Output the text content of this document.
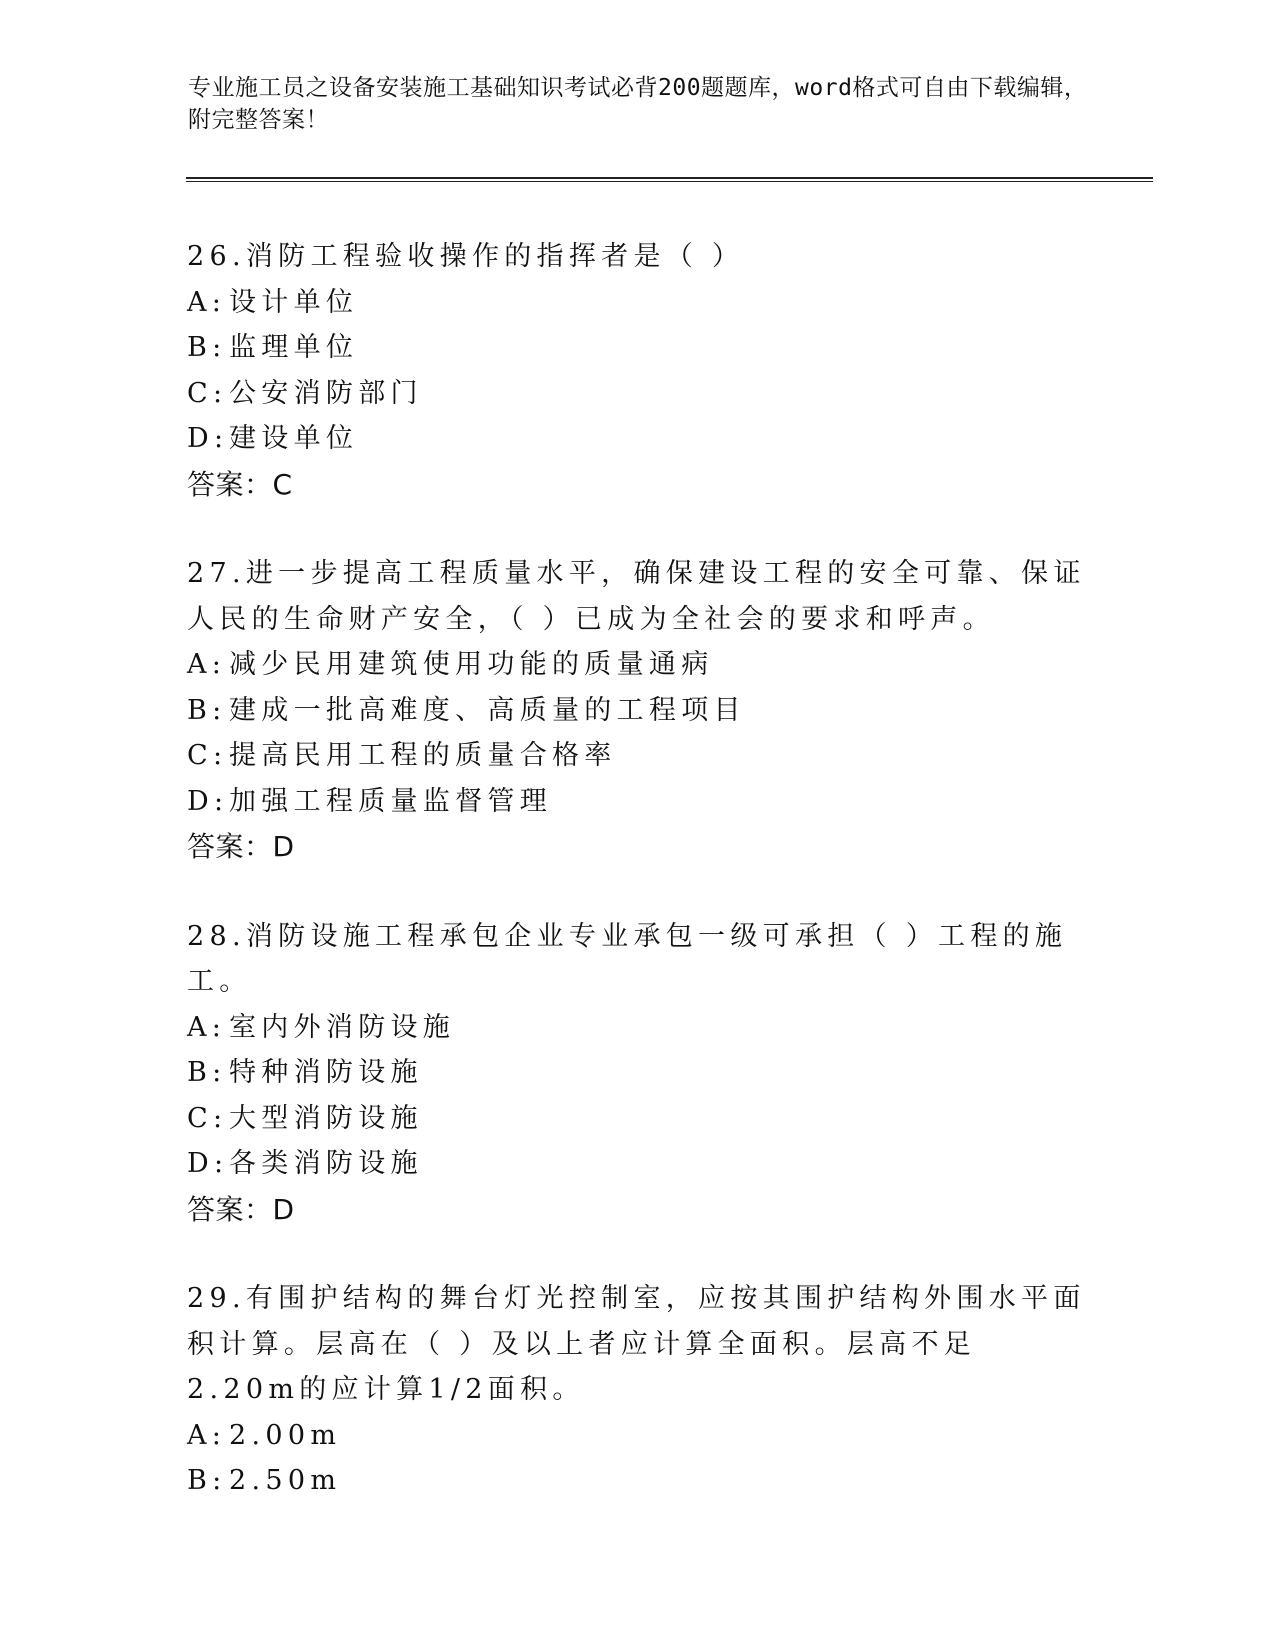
专业施工员之设备安装施工基础知识考试必背200题题库，word格式可自由下载编辑，附完整答案！
26.消防工程验收操作的指挥者是（ ）
A: 设计单位
B: 监理单位
C: 公安消防部门
D: 建设单位
答案：C
27.进一步提高工程质量水平，确保建设工程的安全可靠、保证人民的生命财产安全，（ ）已成为全社会的要求和呼声。
A: 减少民用建筑使用功能的质量通病
B: 建成一批高难度、高质量的工程项目
C: 提高民用工程的质量合格率
D: 加强工程质量监督管理
答案：D
28.消防设施工程承包企业专业承包一级可承担（ ）工程的施工。
A: 室内外消防设施
B: 特种消防设施
C: 大型消防设施
D: 各类消防设施
答案：D
29.有围护结构的舞台灯光控制室，应按其围护结构外围水平面积计算。层高在（ ）及以上者应计算全面积。层高不足2.20m的应计算1/2面积。
A: 2.00m
B: 2.50m
